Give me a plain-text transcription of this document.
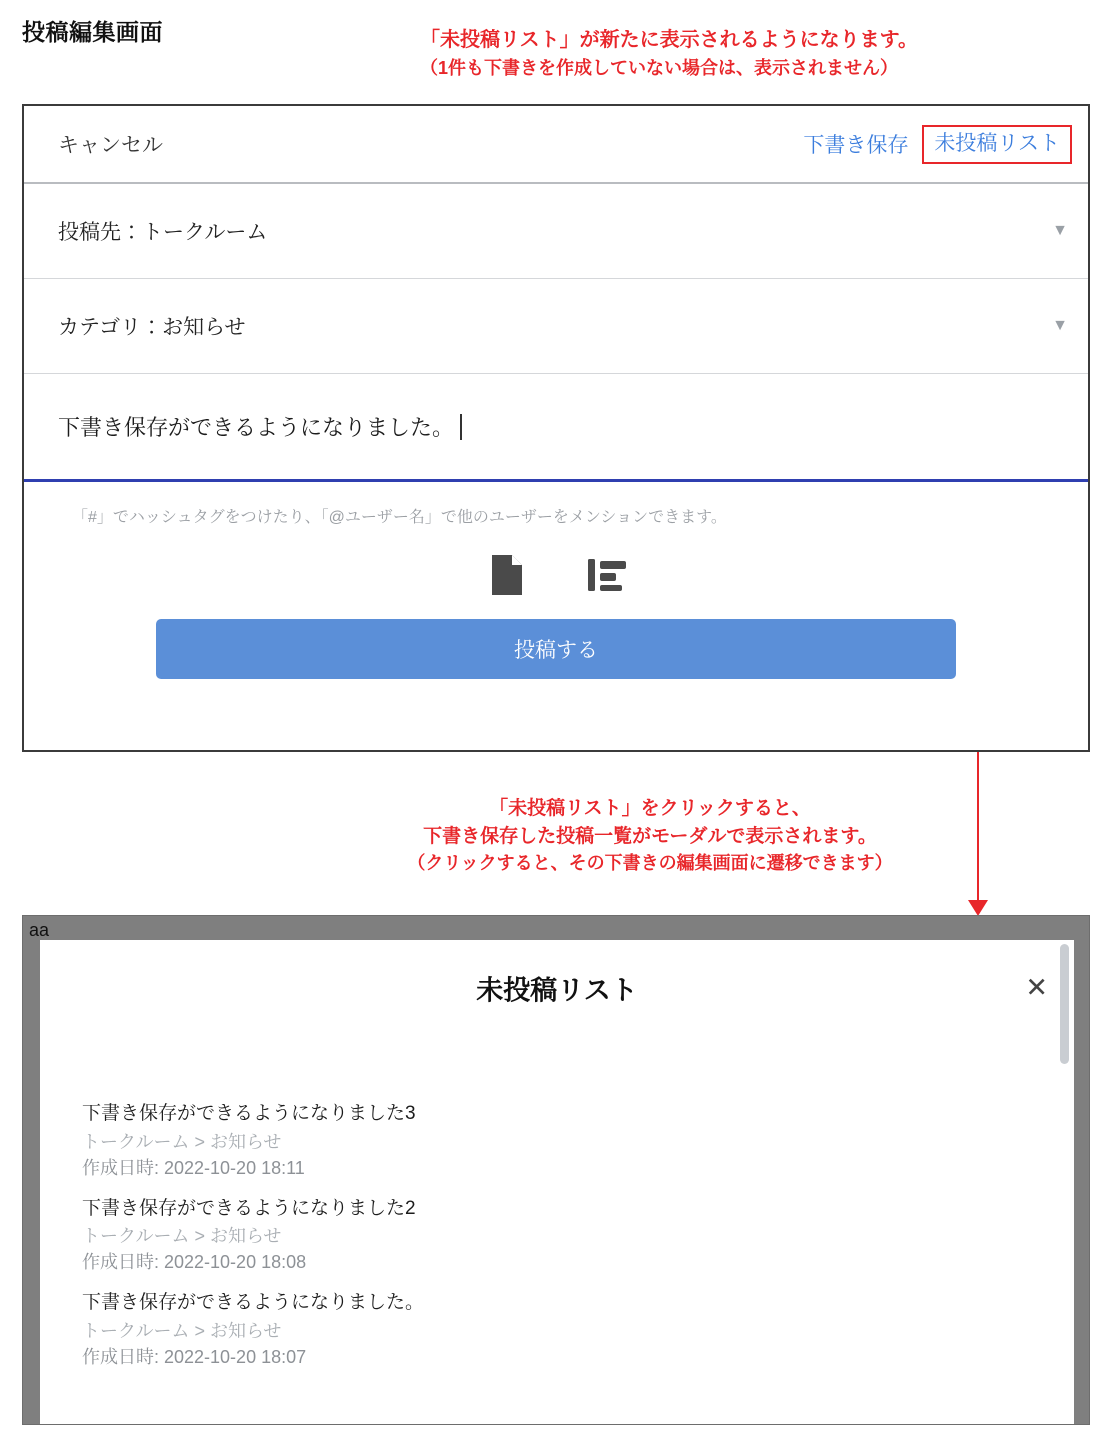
投稿編集画面	「未投稿リスト」が新たに表示されるようになります。
（1件も下書きを作成していない場合は、表示されません）
キャンセル	下書き保存	未投稿リスト
投稿先：トークルーム	▼
カテゴリ：お知らせ	▼
下書き保存ができるようになりました。
「#」でハッシュタグをつけたり、「@ユーザー名」で他のユーザーをメンションできます。
投稿する
「未投稿リスト」をクリックすると、
下書き保存した投稿一覧がモーダルで表示されます。
（クリックすると、その下書きの編集画面に遷移できます）
aa
未投稿リスト	✕
下書き保存ができるようになりました3
トークルーム > お知らせ
作成日時: 2022-10-20 18:11
下書き保存ができるようになりました2
トークルーム > お知らせ
作成日時: 2022-10-20 18:08
下書き保存ができるようになりました。
トークルーム > お知らせ
作成日時: 2022-10-20 18:07
